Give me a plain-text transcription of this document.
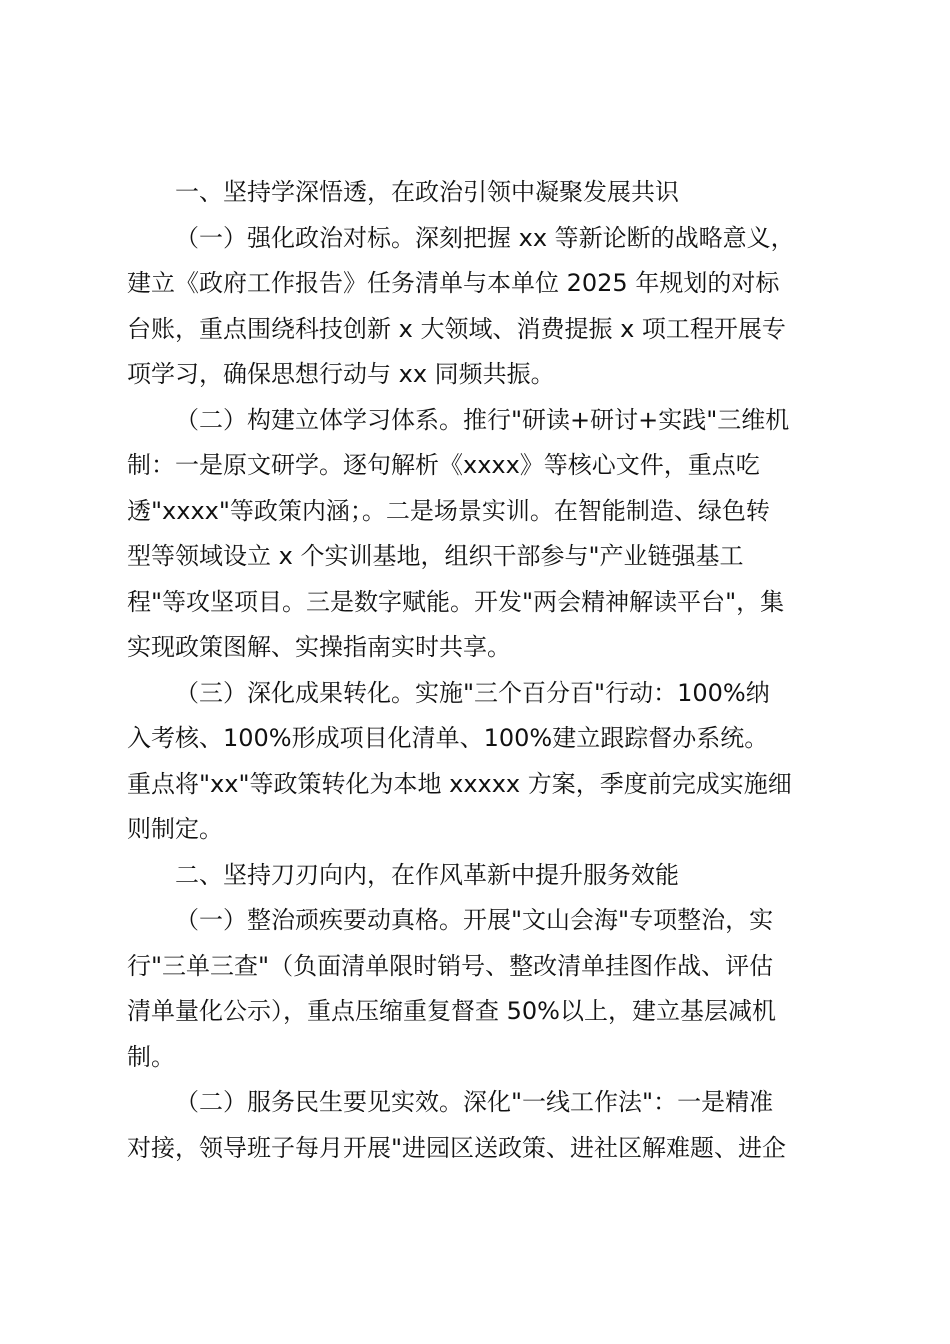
一、坚持学深悟透，在政治引领中凝聚发展共识

（一）强化政治对标。深刻把握 xx 等新论断的战略意义，

建立《政府工作报告》任务清单与本单位 2025 年规划的对标

台账，重点围绕科技创新 x 大领域、消费提振 x 项工程开展专

项学习，确保思想行动与 xx 同频共振。

（二）构建立体学习体系。推行"研读+研讨+实践"三维机

制：一是原文研学。逐句解析《xxxx》等核心文件，重点吃

透"xxxx"等政策内涵；。二是场景实训。在智能制造、绿色转

型等领域设立 x 个实训基地，组织干部参与"产业链强基工

程"等攻坚项目。三是数字赋能。开发"两会精神解读平台"，集

实现政策图解、实操指南实时共享。

（三）深化成果转化。实施"三个百分百"行动：100%纳

入考核、100%形成项目化清单、100%建立跟踪督办系统。

重点将"xx"等政策转化为本地 xxxxx 方案，季度前完成实施细

则制定。

二、坚持刀刃向内，在作风革新中提升服务效能

（一）整治顽疾要动真格。开展"文山会海"专项整治，实

行"三单三查"（负面清单限时销号、整改清单挂图作战、评估

清单量化公示），重点压缩重复督查 50%以上，建立基层减机

制。

（二）服务民生要见实效。深化"一线工作法"：一是精准

对接，领导班子每月开展"进园区送政策、进社区解难题、进企
